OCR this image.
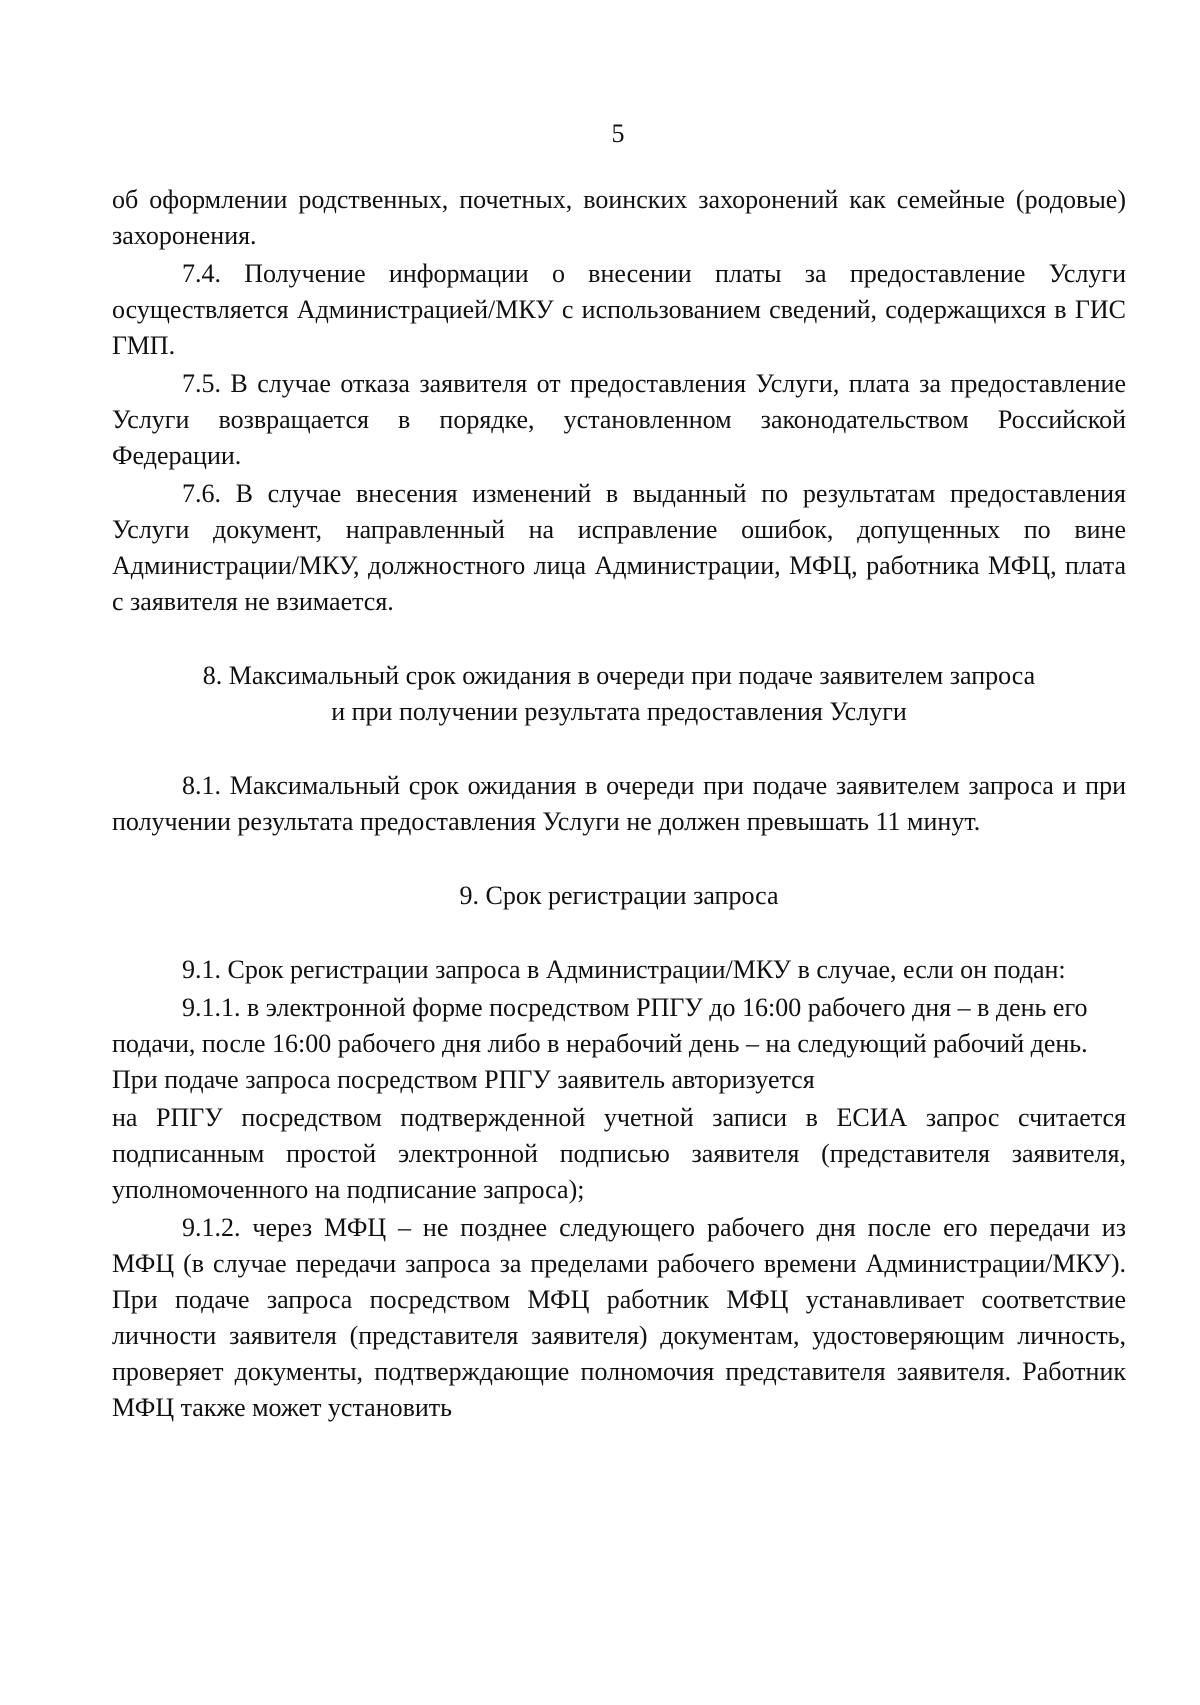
5

об оформлении родственных, почетных, воинских захоронений как семейные (родовые) захоронения.

7.4. Получение информации о внесении платы за предоставление Услуги осуществляется Администрацией/МКУ с использованием сведений, содержащихся в ГИС ГМП.

7.5. В случае отказа заявителя от предоставления Услуги, плата за предоставление Услуги возвращается в порядке, установленном законодательством Российской Федерации.

7.6. В случае внесения изменений в выданный по результатам предоставления Услуги документ, направленный на исправление ошибок, допущенных по вине Администрации/МКУ, должностного лица Администрации, МФЦ, работника МФЦ, плата с заявителя не взимается.

8. Максимальный срок ожидания в очереди при подаче заявителем запроса
и при получении результата предоставления Услуги

8.1. Максимальный срок ожидания в очереди при подаче заявителем запроса и при получении результата предоставления Услуги не должен превышать 11 минут.

9. Срок регистрации запроса

9.1. Срок регистрации запроса в Администрации/МКУ в случае, если он подан:

9.1.1. в электронной форме посредством РПГУ до 16:00 рабочего дня – в день его подачи, после 16:00 рабочего дня либо в нерабочий день – на следующий рабочий день. При подаче запроса посредством РПГУ заявитель авторизуется

на РПГУ посредством подтвержденной учетной записи в ЕСИА запрос считается подписанным простой электронной подписью заявителя (представителя заявителя, уполномоченного на подписание запроса);

9.1.2. через МФЦ – не позднее следующего рабочего дня после его передачи из МФЦ (в случае передачи запроса за пределами рабочего времени Администрации/МКУ). При подаче запроса посредством МФЦ работник МФЦ устанавливает соответствие личности заявителя (представителя заявителя) документам, удостоверяющим личность, проверяет документы, подтверждающие полномочия представителя заявителя. Работник МФЦ также может установить
